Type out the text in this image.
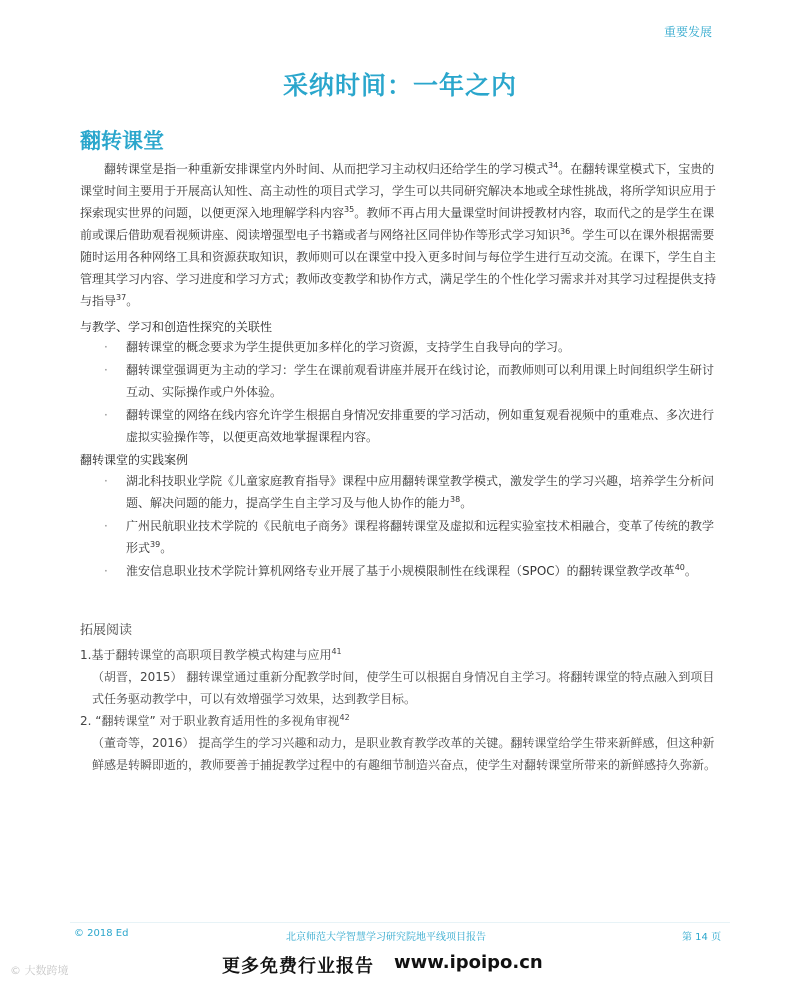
重要发展
采纳时间：一年之内
翻转课堂

翻转课堂是指一种重新安排课堂内外时间、从而把学习主动权归还给学生的学习模式$^{34}$。在翻转课堂模式下，宝贵的课堂时间主要用于开展高认知性、高主动性的项目式学习，学生可以共同研究解决本地或全球性挑战，将所学知识应用于探索现实世界的问题，以便更深入地理解学科内容$^{35}$。教师不再占用大量课堂时间讲授教材内容，取而代之的是学生在课前或课后借助观看视频讲座、阅读增强型电子书籍或者与网络社区同伴协作等形式学习知识$^{36}$。学生可以在课外根据需要随时运用各种网络工具和资源获取知识，教师则可以在课堂中投入更多时间与每位学生进行互动交流。在课下，学生自主管理其学习内容、学习进度和学习方式；教师改变教学和协作方式，满足学生的个性化学习需求并对其学习过程提供支持与指导$^{37}$。

与教学、学习和创造性探究的关联性
· 翻转课堂的概念要求为学生提供更加多样化的学习资源，支持学生自我导向的学习。
· 翻转课堂强调更为主动的学习：学生在课前观看讲座并展开在线讨论，而教师则可以利用课上时间组织学生研讨互动、实际操作或户外体验。
· 翻转课堂的网络在线内容允许学生根据自身情况安排重要的学习活动，例如重复观看视频中的重难点、多次进行虚拟实验操作等，以便更高效地掌握课程内容。
翻转课堂的实践案例
· 湖北科技职业学院《儿童家庭教育指导》课程中应用翻转课堂教学模式，激发学生的学习兴趣，培养学生分析问题、解决问题的能力，提高学生自主学习及与他人协作的能力$^{38}$。
· 广州民航职业技术学院的《民航电子商务》课程将翻转课堂及虚拟和远程实验室技术相融合，变革了传统的教学形式$^{39}$。
· 淮安信息职业技术学院计算机网络专业开展了基于小规模限制性在线课程（SPOC）的翻转课堂教学改革$^{40}$。
拓展阅读
1.基于翻转课堂的高职项目教学模式构建与应用$^{41}$
（胡晋，2015） 翻转课堂通过重新分配教学时间，使学生可以根据自身情况自主学习。将翻转课堂的特点融入到项目式任务驱动教学中，可以有效增强学习效果，达到教学目标。
2. “翻转课堂” 对于职业教育适用性的多视角审视$^{42}$
（董奇等，2016） 提高学生的学习兴趣和动力，是职业教育教学改革的关键。翻转课堂给学生带来新鲜感，但这种新鲜感是转瞬即逝的，教师要善于捕捉教学过程中的有趣细节制造兴奋点，使学生对翻转课堂所带来的新鲜感持久弥新。
© 2018 Ed	北京师范大学智慧学习研究院地平线项目报告	第 14 页
© 大数跨境	更多免费行业报告 www.ipoipo.cn
